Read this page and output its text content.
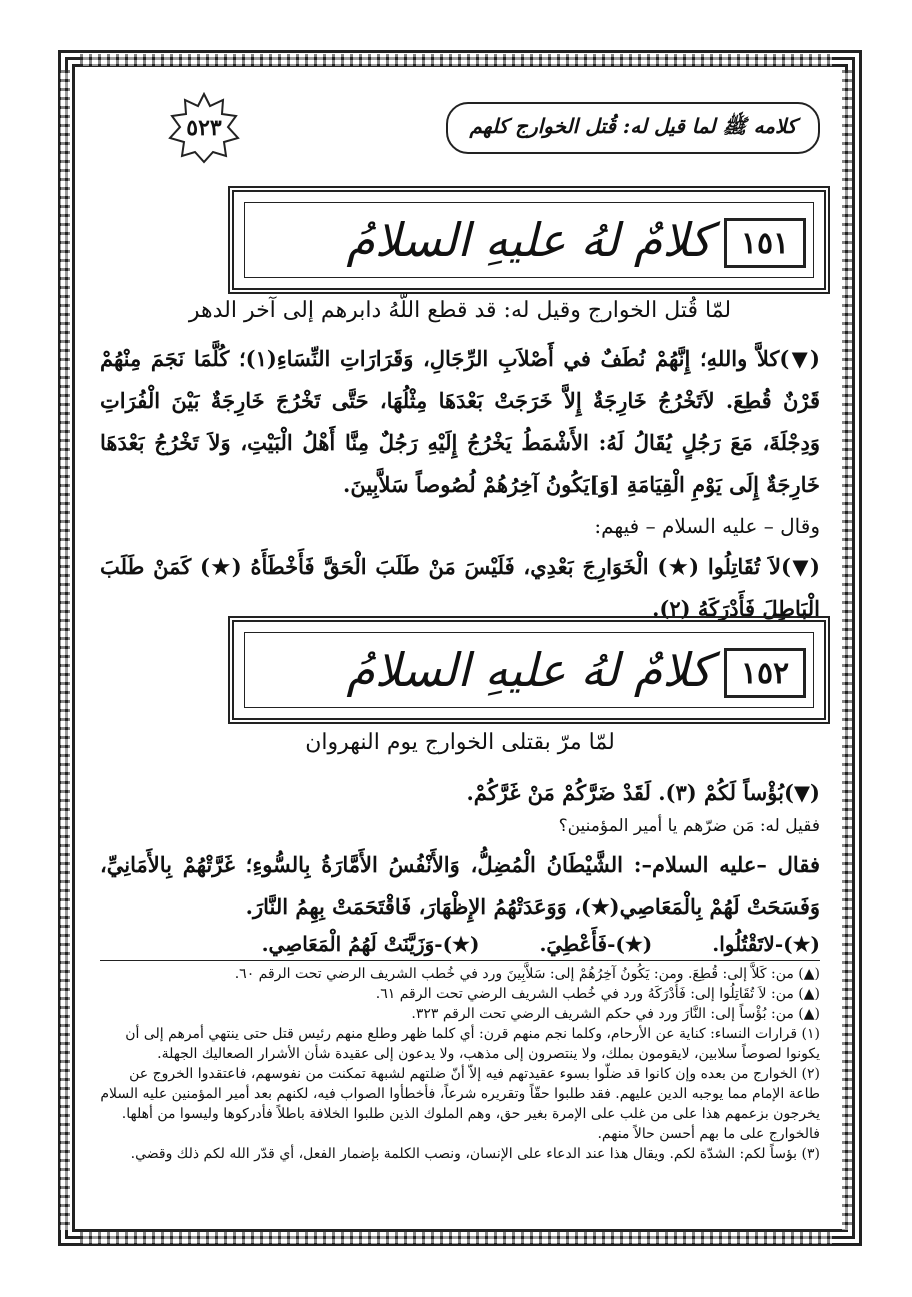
كلامه ﷺ لما قيل له: قُتل الخوارج كلهم
٥٢٣
كلامٌ لهُ عليهِ السلامُ ١٥١
لمّا قُتل الخوارج وقيل له: قد قطع اللّهُ دابرهم إلى آخر الدهر
(▼)كلاَّ واللهِ؛ إِنَّهُمْ نُطَفٌ في أَصْلاَبِ الرِّجَالِ، وَقَرَارَاتِ النِّسَاءِ(١)؛ كُلَّمَا نَجَمَ مِنْهُمْ قَرْنٌ قُطِعَ. لاَتَخْرُجُ خَارِجَةٌ إِلاَّ خَرَجَتْ بَعْدَهَا مِثْلُهَا، حَتَّى تَخْرُجَ خَارِجَةٌ بَيْنَ الْفُرَاتِ وَدِجْلَةَ، مَعَ رَجُلٍ يُقَالُ لَهُ: الأَشْمَطُ يَخْرُجُ إِلَيْهِ رَجُلٌ مِنَّا أَهْلُ الْبَيْتِ، وَلاَ تَخْرُجُ بَعْدَهَا خَارِجَةٌ إِلَى يَوْمِ الْقِيَامَةِ [وَ]يَكُونُ آخِرُهُمْ لُصُوصاً سَلاَّبِينَ.
وقال – عليه السلام – فيهم:
(▼)لاَ تُقَاتِلُوا (★) الْخَوَارِجَ بَعْدِي، فَلَيْسَ مَنْ طَلَبَ الْحَقَّ فَأَخْطَأَهُ (★) كَمَنْ طَلَبَ الْبَاطِلَ فَأَدْرَكَهُ (٢).
كلامٌ لهُ عليهِ السلامُ ١٥٢
لمّا مرّ بقتلى الخوارج يوم النهروان
(▼)بُؤْساً لَكُمْ (٣). لَقَدْ ضَرَّكُمْ مَنْ غَرَّكُمْ.
فقيل له: مَن ضرّهم يا أمير المؤمنين؟
فقال –عليه السلام–: الشَّيْطَانُ الْمُضِلُّ، وَالأَنْفُسُ الأَمَّارَةُ بِالسُّوءِ؛ غَرَّتْهُمْ بِالأَمَانِيِّ، وَفَسَحَتْ لَهُمْ بِالْمَعَاصِي(★)، وَوَعَدَتْهُمُ الإِظْهَارَ، فَاقْتَحَمَتْ بِهِمُ النَّارَ.
(★)-لاتَقْتُلُوا.
(★)-فَأَعْطِيَ.
(★)-وَزَيَّنَتْ لَهُمُ الْمَعَاصِي.
(▲) من: كَلاَّ إلى: قُطِعَ. ومن: يَكُونُ آخِرُهُمْ إلى: سَلاَّبِينَ ورد في خُطب الشريف الرضي تحت الرقم ٦٠.
(▲) من: لاَ تُقَاتِلُوا إلى: فَأَدْرَكَهُ ورد في خُطب الشريف الرضي تحت الرقم ٦١.
(▲) من: بُؤْساً إلى: النَّارَ ورد في حكم الشريف الرضي تحت الرقم ٣٢٣.
(١) قرارات النساء: كناية عن الأرحام، وكلما نجم منهم قرن: أي كلما ظهر وطلع منهم رئيس قتل حتى ينتهي أمرهم إلى أن يكونوا لصوصاً سلابين، لايقومون بملك، ولا ينتصرون إلى مذهب، ولا يدعون إلى عقيدة شأن الأشرار الصعاليك الجهلة.
(٢) الخوارج من بعده وإن كانوا قد ضلّوا بسوء عقيدتهم فيه إلاّ أنّ ضلتهم لشبهة تمكنت من نفوسهم، فاعتقدوا الخروج عن طاعة الإمام مما يوجبه الدين عليهم. فقد طلبوا حقّاً وتقريره شرعاً، فأخطأوا الصواب فيه، لكنهم بعد أمير المؤمنين عليه السلام يخرجون بزعمهم هذا على من غلب على الإمرة بغير حق، وهم الملوك الذين طلبوا الخلافة باطلاً فأدركوها وليسوا من أهلها. فالخوارج على ما بهم أحسن حالاً منهم.
(٣) بؤساً لكم: الشدّة لكم. ويقال هذا عند الدعاء على الإنسان، ونصب الكلمة بإضمار الفعل، أي قدّر الله لكم ذلك وقضي.
